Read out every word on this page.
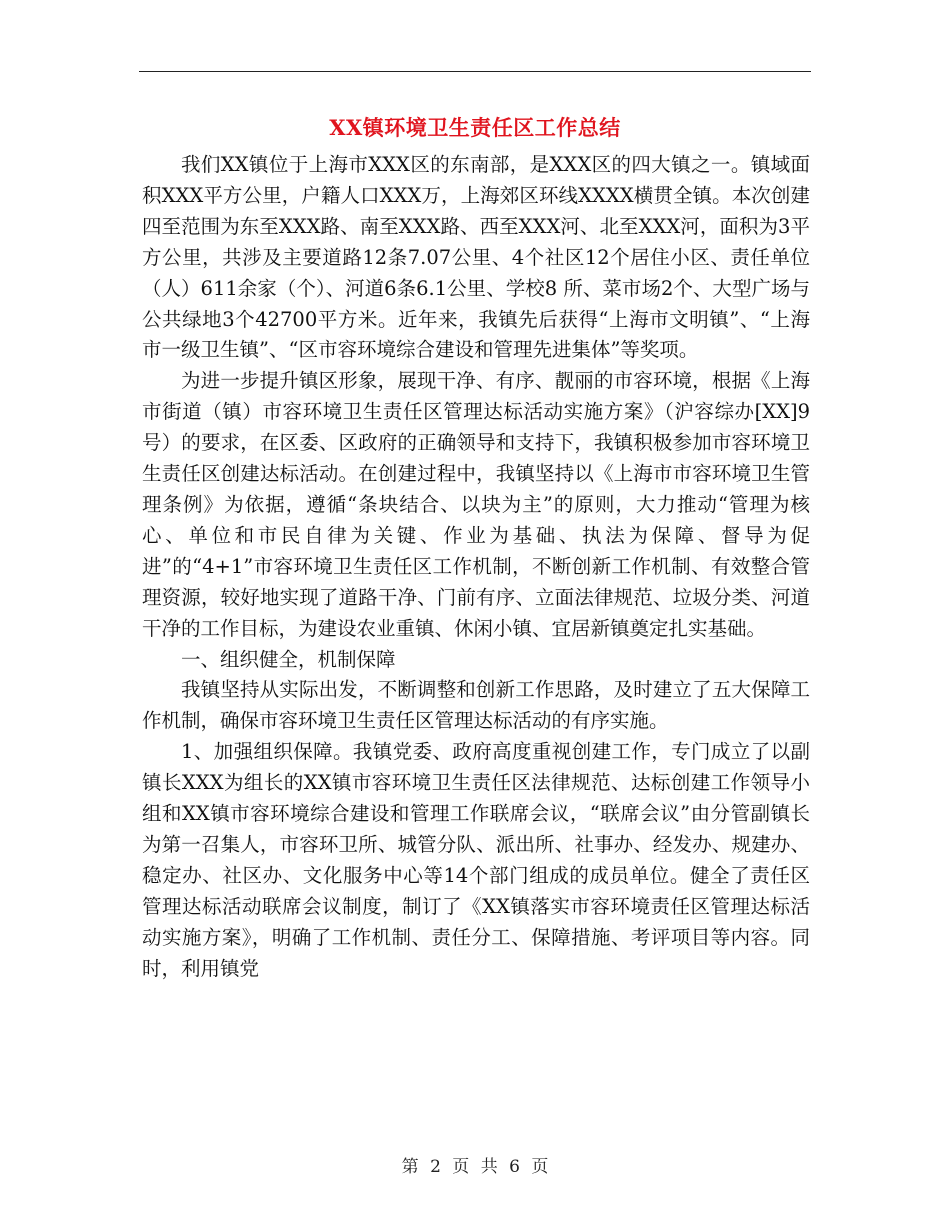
XX镇环境卫生责任区工作总结

我们XX镇位于上海市XXX区的东南部，是XXX区的四大镇之一。镇域面积XXX平方公里，户籍人口XXX万，上海郊区环线XXXX横贯全镇。本次创建四至范围为东至XXX路、南至XXX路、西至XXX河、北至XXX河，面积为3平方公里，共涉及主要道路12条7.07公里、4个社区12个居住小区、责任单位（人）611余家（个）、河道6条6.1公里、学校8 所、菜市场2个、大型广场与公共绿地3个42700平方米。近年来，我镇先后获得“上海市文明镇”、“上海市一级卫生镇”、“区市容环境综合建设和管理先进集体”等奖项。

为进一步提升镇区形象，展现干净、有序、靓丽的市容环境，根据《上海市街道（镇）市容环境卫生责任区管理达标活动实施方案》（沪容综办[XX]9号）的要求，在区委、区政府的正确领导和支持下，我镇积极参加市容环境卫生责任区创建达标活动。在创建过程中，我镇坚持以《上海市市容环境卫生管理条例》为依据，遵循“条块结合、以块为主”的原则，大力推动“管理为核心、单位和市民自律为关键、作业为基础、执法为保障、督导为促进”的“4+1”市容环境卫生责任区工作机制，不断创新工作机制、有效整合管理资源，较好地实现了道路干净、门前有序、立面法律规范、垃圾分类、河道干净的工作目标，为建设农业重镇、休闲小镇、宜居新镇奠定扎实基础。

一、组织健全，机制保障

我镇坚持从实际出发，不断调整和创新工作思路，及时建立了五大保障工作机制，确保市容环境卫生责任区管理达标活动的有序实施。

1、加强组织保障。我镇党委、政府高度重视创建工作，专门成立了以副镇长XXX为组长的XX镇市容环境卫生责任区法律规范、达标创建工作领导小组和XX镇市容环境综合建设和管理工作联席会议，“联席会议”由分管副镇长为第一召集人，市容环卫所、城管分队、派出所、社事办、经发办、规建办、稳定办、社区办、文化服务中心等14个部门组成的成员单位。健全了责任区管理达标活动联席会议制度，制订了《XX镇落实市容环境责任区管理达标活动实施方案》，明确了工作机制、责任分工、保障措施、考评项目等内容。同时，利用镇党

第 2 页 共 6 页
